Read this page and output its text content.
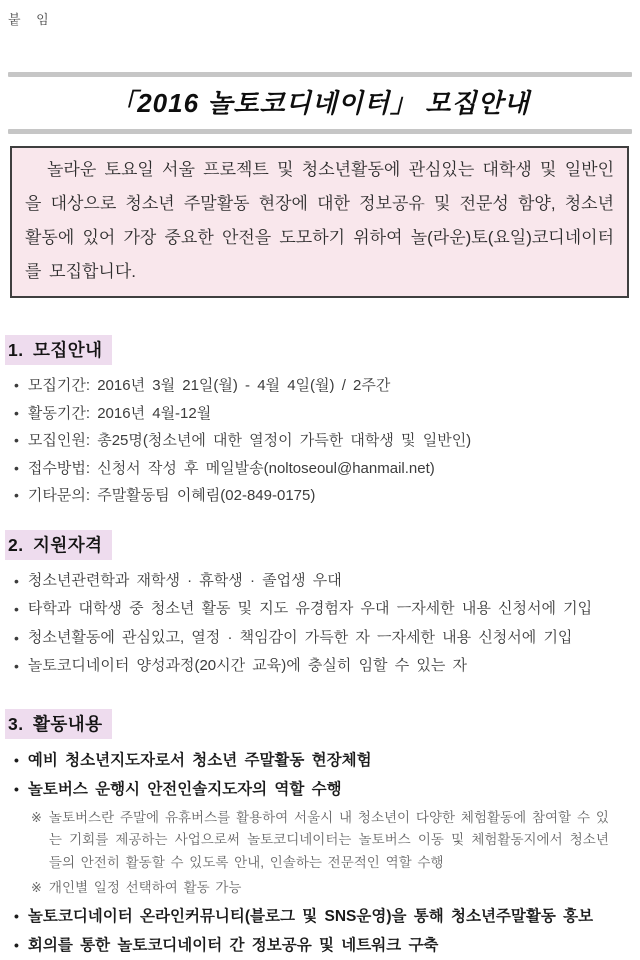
붙 임
「2016 놀토코디네이터」 모집안내

놀라운 토요일 서울 프로젝트 및 청소년활동에 관심있는 대학생 및 일반인을 대상으로 청소년 주말활동 현장에 대한 정보공유 및 전문성 함양, 청소년활동에 있어 가장 중요한 안전을 도모하기 위하여 놀(라운)토(요일)코디네이터를 모집합니다.

1. 모집안내
• 모집기간: 2016년 3월 21일(월) - 4월 4일(월) / 2주간
• 활동기간: 2016년 4월-12월
• 모집인원: 총25명(청소년에 대한 열정이 가득한 대학생 및 일반인)
• 접수방법: 신청서 작성 후 메일발송(noltoseoul@hanmail.net)
• 기타문의: 주말활동팀 이혜림(02-849-0175)
2. 지원자격
• 청소년관련학과 재학생 · 휴학생 · 졸업생 우대
• 타학과 대학생 중 청소년 활동 및 지도 유경험자 우대 ㅡ자세한 내용 신청서에 기입
• 청소년활동에 관심있고, 열정 · 책임감이 가득한 자 ㅡ자세한 내용 신청서에 기입
• 놀토코디네이터 양성과정(20시간 교육)에 충실히 임할 수 있는 자
3. 활동내용
• 예비 청소년지도자로서 청소년 주말활동 현장체험
• 놀토버스 운행시 안전인솔지도자의 역할 수행
※ 놀토버스란 주말에 유휴버스를 활용하여 서울시 내 청소년이 다양한 체험활동에 참여할 수 있는 기회를 제공하는 사업으로써 놀토코디네이터는 놀토버스 이동 및 체험활동지에서 청소년들의 안전히 활동할 수 있도록 안내, 인솔하는 전문적인 역할 수행
※ 개인별 일정 선택하여 활동 가능
• 놀토코디네이터 온라인커뮤니티(블로그 및 SNS운영)을 통해 청소년주말활동 홍보
• 회의를 통한 놀토코디네이터 간 정보공유 및 네트워크 구축
